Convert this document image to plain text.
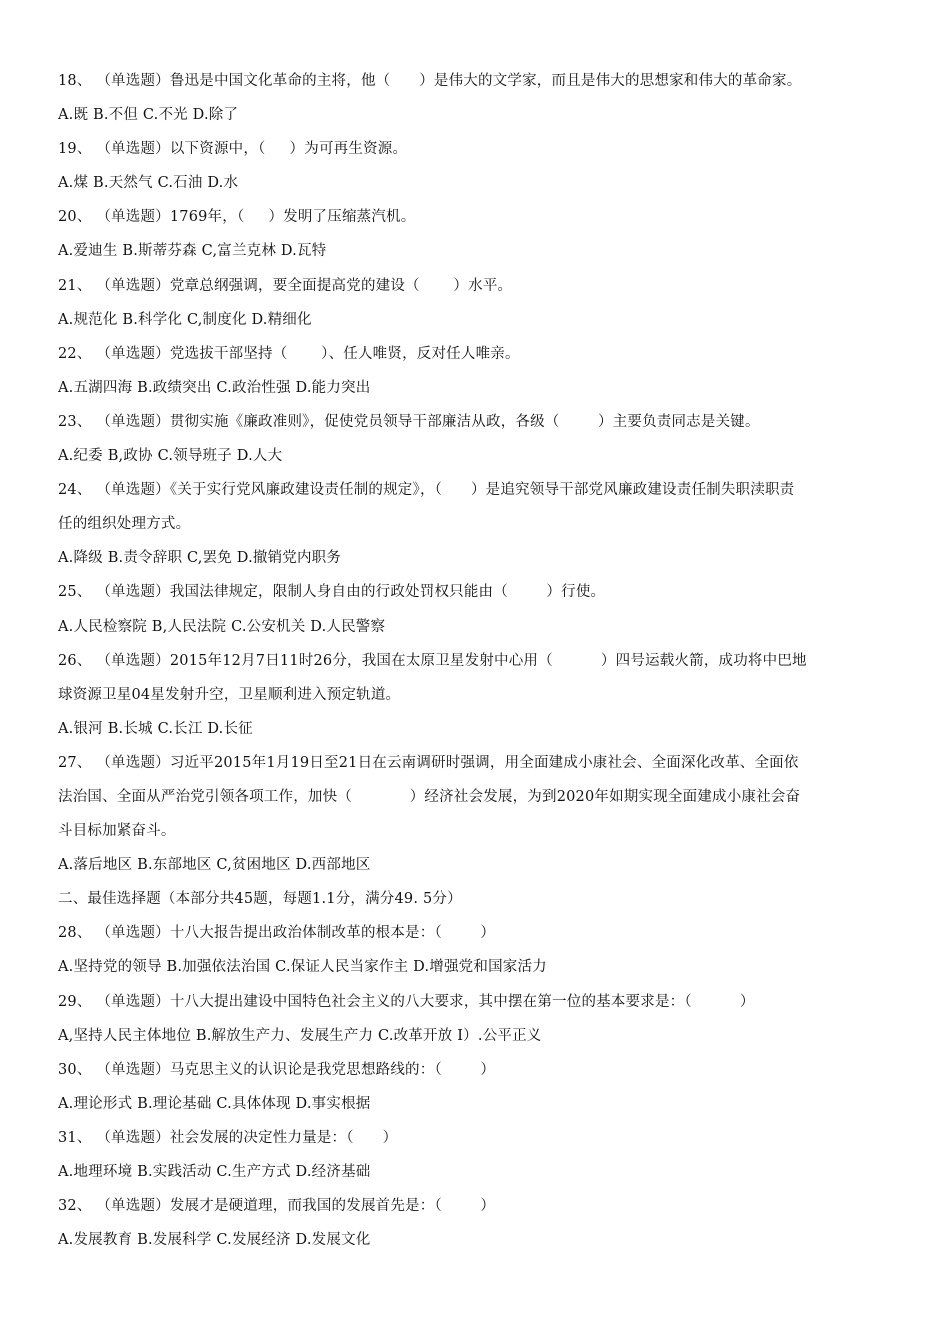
18、 （单选题）鲁迅是中国文化革命的主将，他（      ）是伟大的文学家，而且是伟大的思想家和伟大的革命家。
A.既 B.不但 C.不光 D.除了
19、 （单选题）以下资源中，（     ）为可再生资源。
A.煤 B.天然气 C.石油 D.水
20、 （单选题）1769年，（     ）发明了压缩蒸汽机。
A.爱迪生 B.斯蒂芬森 C,富兰克林 D.瓦特
21、 （单选题）党章总纲强调，要全面提高党的建设（       ）水平。
A.规范化 B.科学化 C,制度化 D.精细化
22、 （单选题）党选拔干部坚持（       ）、任人唯贤，反对任人唯亲。
A.五湖四海 B.政绩突出 C.政治性强 D.能力突出
23、 （单选题）贯彻实施《廉政准则》，促使党员领导干部廉洁从政，各级（        ）主要负责同志是关键。
A.纪委 B,政协 C.领导班子 D.人大
24、 （单选题）《关于实行党风廉政建设责任制的规定》，（      ）是追究领导干部党风廉政建设责任制失职渎职责
任的组织处理方式。
A.降级 B.责令辞职 C,罢免 D.撤销党内职务
25、 （单选题）我国法律规定，限制人身自由的行政处罚权只能由（        ）行使。
A.人民检察院 B,人民法院 C.公安机关 D.人民警察
26、 （单选题）2015年12月7日11时26分，我国在太原卫星发射中心用（          ）四号运载火箭，成功将中巴地
球资源卫星04星发射升空，卫星顺利进入预定轨道。
A.银河 B.长城 C.长江 D.长征
27、 （单选题）习近平2015年1月19日至21日在云南调研时强调，用全面建成小康社会、全面深化改革、全面依
法治国、全面从严治党引领各项工作，加快（            ）经济社会发展，为到2020年如期实现全面建成小康社会奋
斗目标加紧奋斗。
A.落后地区 B.东部地区 C,贫困地区 D.西部地区
二、最佳选择题（本部分共45题，每题1.1分，满分49. 5分）
28、 （单选题）十八大报告提出政治体制改革的根本是：（        ）
A.坚持党的领导 B.加强依法治国 C.保证人民当家作主 D.增强党和国家活力
29、 （单选题）十八大提出建设中国特色社会主义的八大要求，其中摆在第一位的基本要求是：（          ）
A,坚持人民主体地位 B.解放生产力、发展生产力 C.改革开放 I）.公平正义
30、 （单选题）马克思主义的认识论是我党思想路线的：（        ）
A.理论形式 B.理论基础 C.具体体现 D.事实根据
31、 （单选题）社会发展的决定性力量是：（      ）
A.地理环境 B.实践活动 C.生产方式 D.经济基础
32、 （单选题）发展才是硬道理，而我国的发展首先是：（        ）
A.发展教育 B.发展科学 C.发展经济 D.发展文化
